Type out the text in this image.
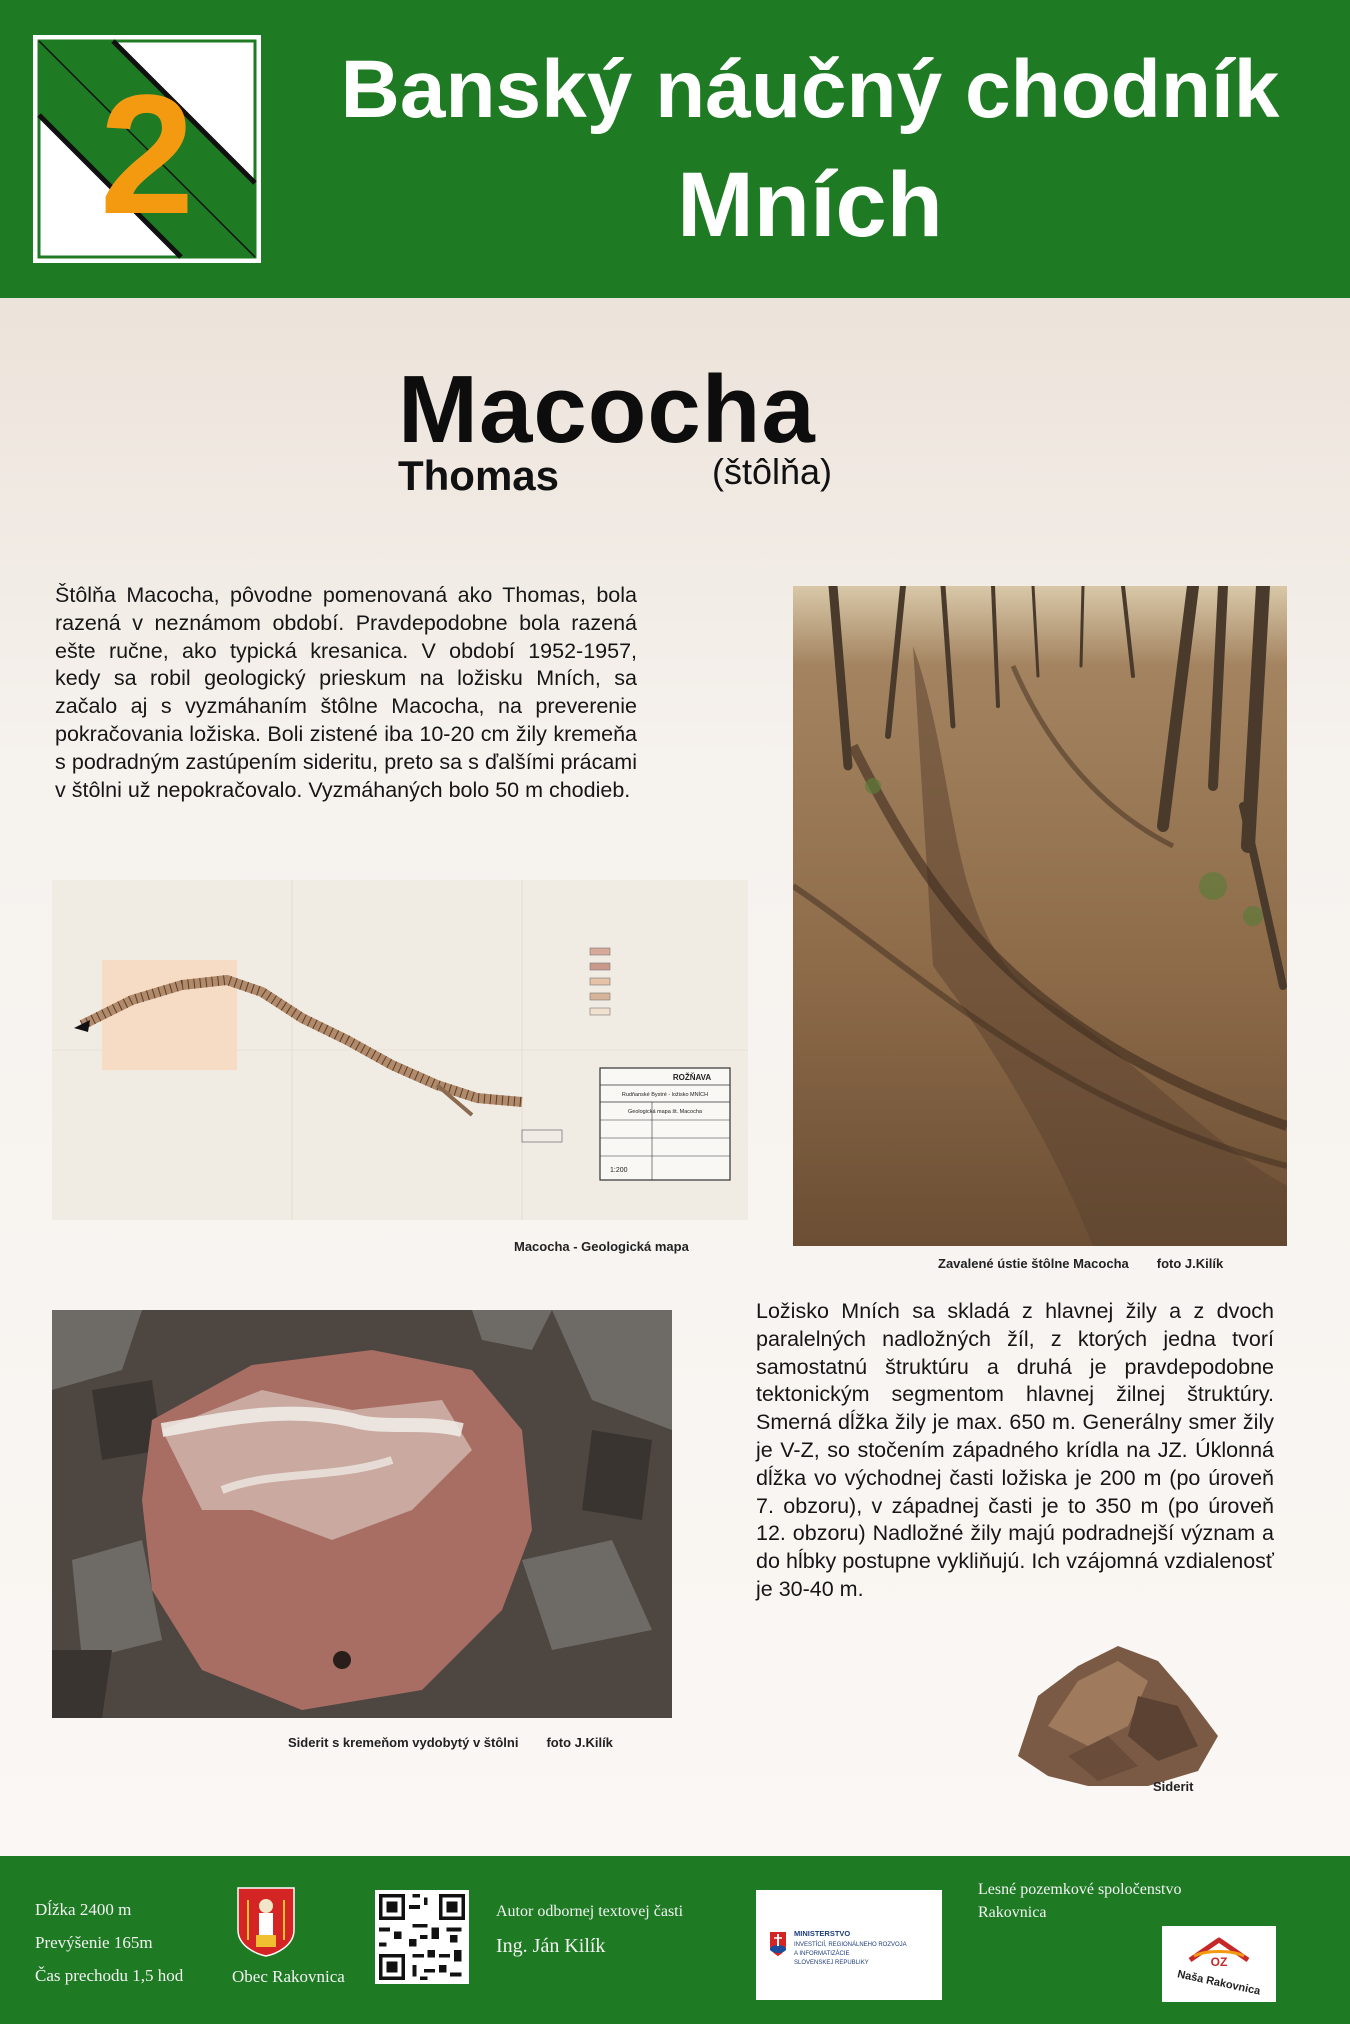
2	Banský náučný chodník
Mních
Macocha
Thomas	(štôlňa)
Štôlňa Macocha, pôvodne pomenovaná ako Thomas, bola razená v neznámom období. Pravdepodobne bola razená ešte ručne, ako typická kresanica. V období 1952-1957, kedy sa robil geologický prieskum na ložisku Mních, sa začalo aj s vyzmáhaním štôlne Macocha, na preverenie pokračovania ložiska. Boli zistené iba 10-20 cm žily kremeňa s podradným zastúpením sideritu, preto sa s ďalšími prácami v štôlni už nepokračovalo. Vyzmáhaných bolo 50 m chodieb.
ROŽŇAVA
Rudňanské Bystré - ložisko MNÍCH
Geologická mapa št. Macocha
1:200
Macocha - Geologická mapa
Zavalené ústie štôlne Macocha foto J.Kilík
Siderit s kremeňom vydobytý v štôlni foto J.Kilík
Ložisko Mních sa skladá z hlavnej žily a z dvoch paralelných nadložných žíl, z ktorých jedna tvorí samostatnú štruktúru a druhá je pravdepodobne tektonickým segmentom hlavnej žilnej štruktúry. Smerná dĺžka žily je max. 650 m. Generálny smer žily je V-Z, so stočením západného krídla na JZ. Úklonná dĺžka vo východnej časti ložiska je 200 m (po úroveň 7. obzoru), v západnej časti je to 350 m (po úroveň 12. obzoru) Nadložné žily majú podradnejší význam a do hĺbky postupne vykliňujú. Ich vzájomná vzdialenosť je 30-40 m.
Siderit
Dĺžka 2400 m
Prevýšenie 165m
Čas prechodu 1,5 hod	Obec Rakovnica
Autor odbornej textovej časti
Ing. Ján Kilík
MINISTERSTVO
INVESTÍCIÍ, REGIONÁLNEHO ROZVOJA
A INFORMATIZÁCIE
SLOVENSKEJ REPUBLIKY
Lesné pozemkové spoločenstvo
Rakovnica
OZ
Naša Rakovnica
